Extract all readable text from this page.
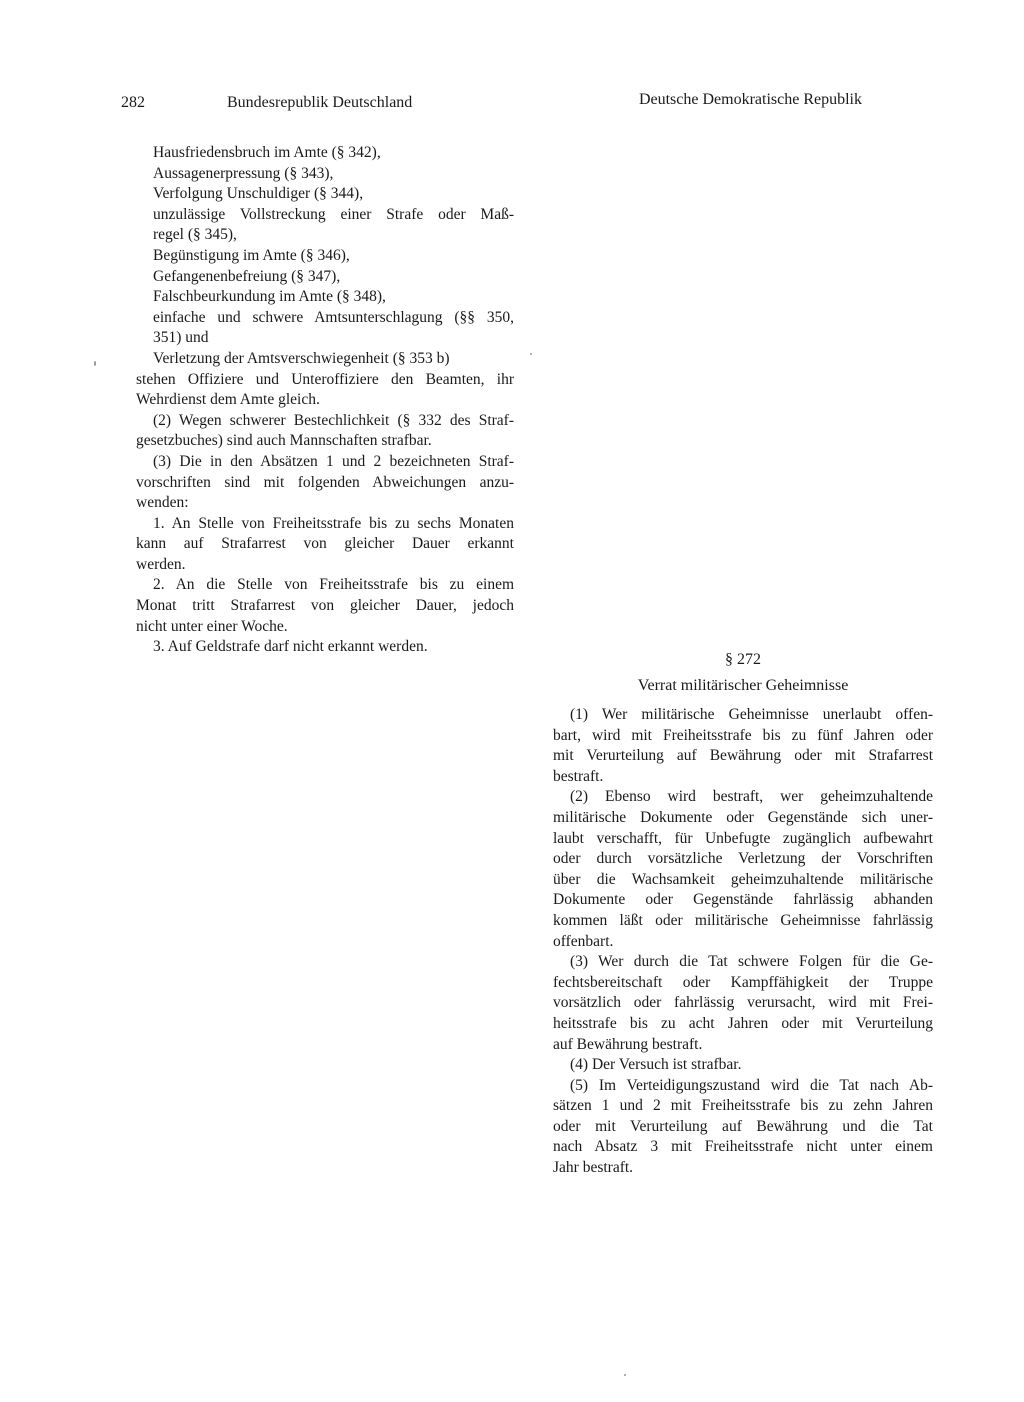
282	Bundesrepublik Deutschland	Deutsche Demokratische Republik
Hausfriedensbruch im Amte (§ 342),
Aussagenerpressung (§ 343),
Verfolgung Unschuldiger (§ 344),
unzulässige Vollstreckung einer Strafe oder Maß-
regel (§ 345),
Begünstigung im Amte (§ 346),
Gefangenenbefreiung (§ 347),
Falschbeurkundung im Amte (§ 348),
einfache und schwere Amtsunterschlagung (§§ 350,
351) und
Verletzung der Amtsverschwiegenheit (§ 353 b)
stehen Offiziere und Unteroffiziere den Beamten, ihr
Wehrdienst dem Amte gleich.
(2) Wegen schwerer Bestechlichkeit (§ 332 des Straf-
gesetzbuches) sind auch Mannschaften strafbar.
(3) Die in den Absätzen 1 und 2 bezeichneten Straf-
vorschriften sind mit folgenden Abweichungen anzu-
wenden:
1. An Stelle von Freiheitsstrafe bis zu sechs Monaten
kann auf Strafarrest von gleicher Dauer erkannt
werden.
2. An die Stelle von Freiheitsstrafe bis zu einem
Monat tritt Strafarrest von gleicher Dauer, jedoch
nicht unter einer Woche.
3. Auf Geldstrafe darf nicht erkannt werden.
§ 272
Verrat militärischer Geheimnisse
(1) Wer militärische Geheimnisse unerlaubt offen-
bart, wird mit Freiheitsstrafe bis zu fünf Jahren oder
mit Verurteilung auf Bewährung oder mit Strafarrest
bestraft.
(2) Ebenso wird bestraft, wer geheimzuhaltende
militärische Dokumente oder Gegenstände sich uner-
laubt verschafft, für Unbefugte zugänglich aufbewahrt
oder durch vorsätzliche Verletzung der Vorschriften
über die Wachsamkeit geheimzuhaltende militärische
Dokumente oder Gegenstände fahrlässig abhanden
kommen läßt oder militärische Geheimnisse fahrlässig
offenbart.
(3) Wer durch die Tat schwere Folgen für die Ge-
fechtsbereitschaft oder Kampffähigkeit der Truppe
vorsätzlich oder fahrlässig verursacht, wird mit Frei-
heitsstrafe bis zu acht Jahren oder mit Verurteilung
auf Bewährung bestraft.
(4) Der Versuch ist strafbar.
(5) Im Verteidigungszustand wird die Tat nach Ab-
sätzen 1 und 2 mit Freiheitsstrafe bis zu zehn Jahren
oder mit Verurteilung auf Bewährung und die Tat
nach Absatz 3 mit Freiheitsstrafe nicht unter einem
Jahr bestraft.
